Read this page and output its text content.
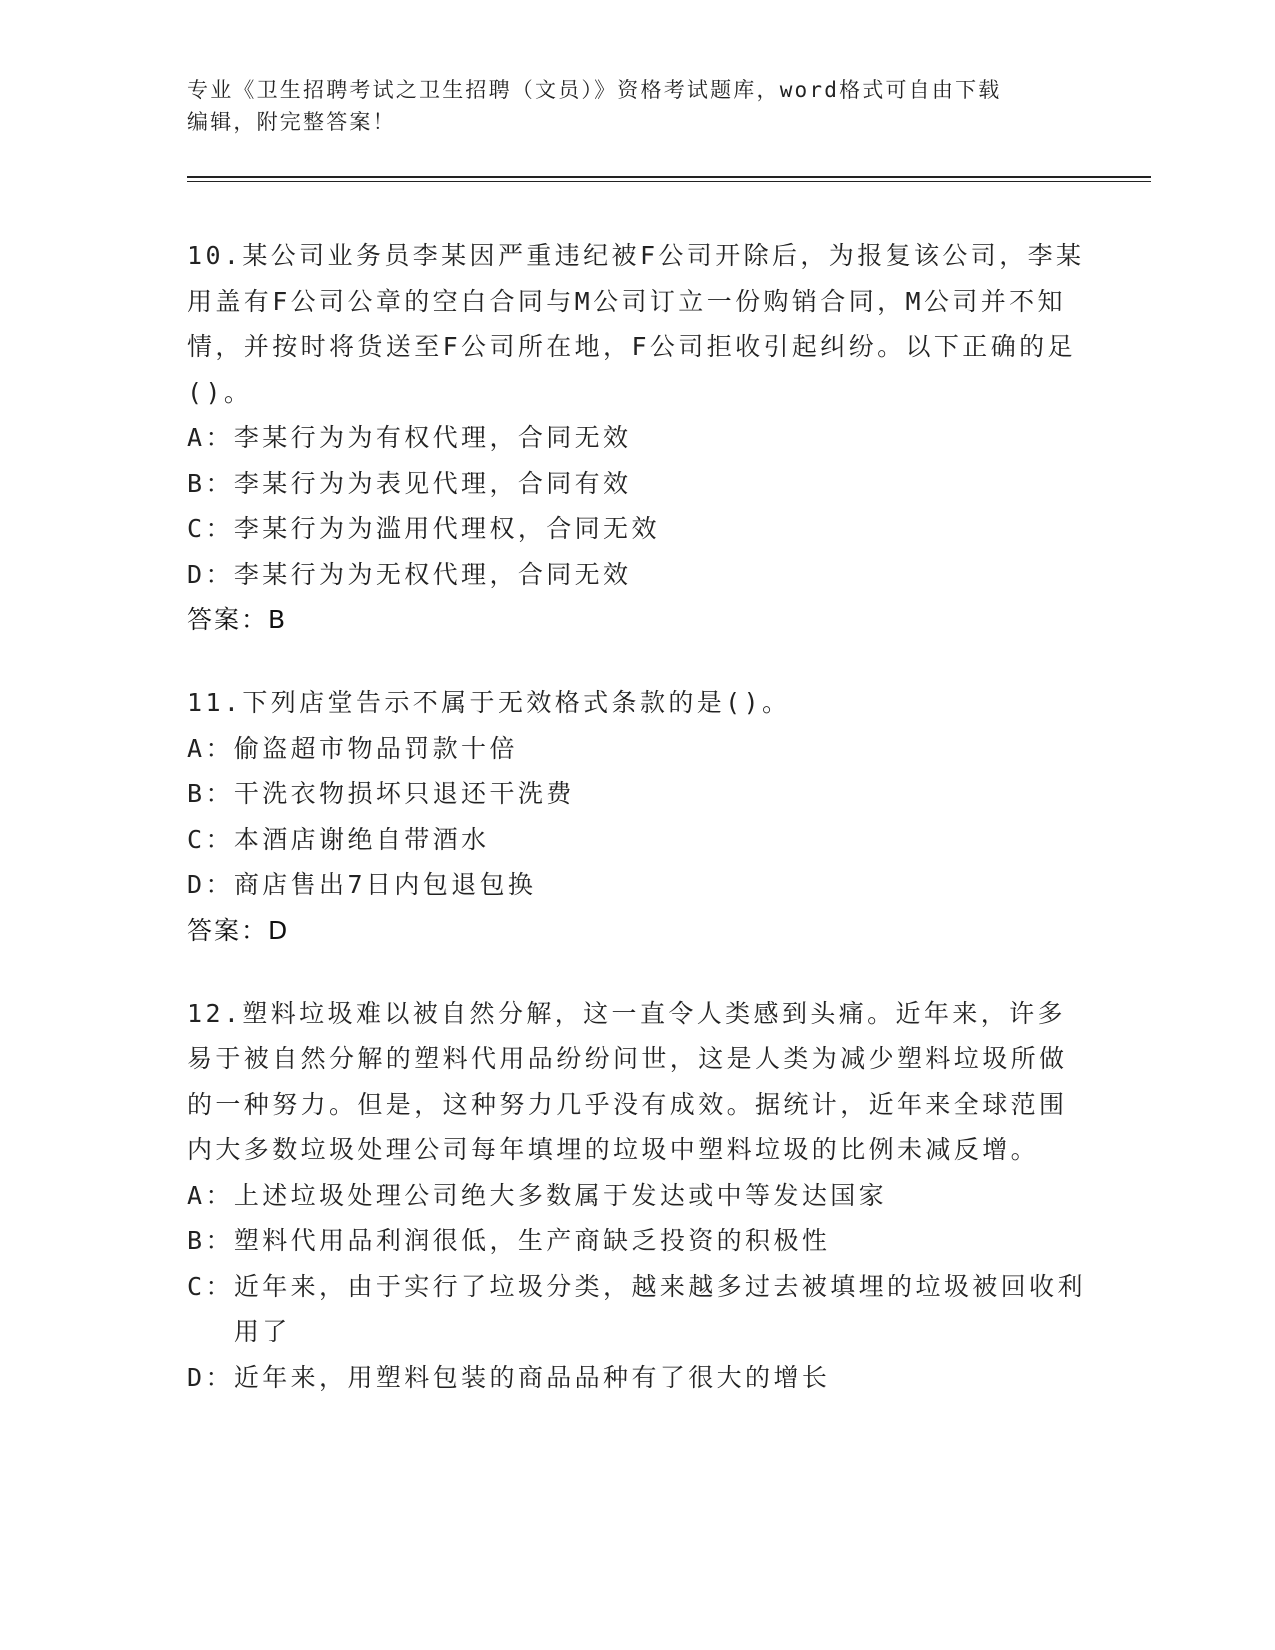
专业《卫生招聘考试之卫生招聘（文员）》资格考试题库，word格式可自由下载
编辑，附完整答案！
10.某公司业务员李某因严重违纪被F公司开除后，为报复该公司，李某用盖有F公司公章的空白合同与M公司订立一份购销合同，M公司并不知情，并按时将货送至F公司所在地，F公司拒收引起纠纷。以下正确的足()。
A： 李某行为为有权代理，合同无效
B： 李某行为为表见代理，合同有效
C： 李某行为为滥用代理权，合同无效
D： 李某行为为无权代理，合同无效
答案：B
11.下列店堂告示不属于无效格式条款的是()。
A： 偷盗超市物品罚款十倍
B： 干洗衣物损坏只退还干洗费
C： 本酒店谢绝自带酒水
D： 商店售出7日内包退包换
答案：D
12.塑料垃圾难以被自然分解，这一直令人类感到头痛。近年来，许多易于被自然分解的塑料代用品纷纷问世，这是人类为减少塑料垃圾所做的一种努力。但是，这种努力几乎没有成效。据统计，近年来全球范围内大多数垃圾处理公司每年填埋的垃圾中塑料垃圾的比例未减反增。
A： 上述垃圾处理公司绝大多数属于发达或中等发达国家
B： 塑料代用品利润很低，生产商缺乏投资的积极性
C： 近年来，由于实行了垃圾分类，越来越多过去被填埋的垃圾被回收利用了
D： 近年来，用塑料包装的商品品种有了很大的增长
